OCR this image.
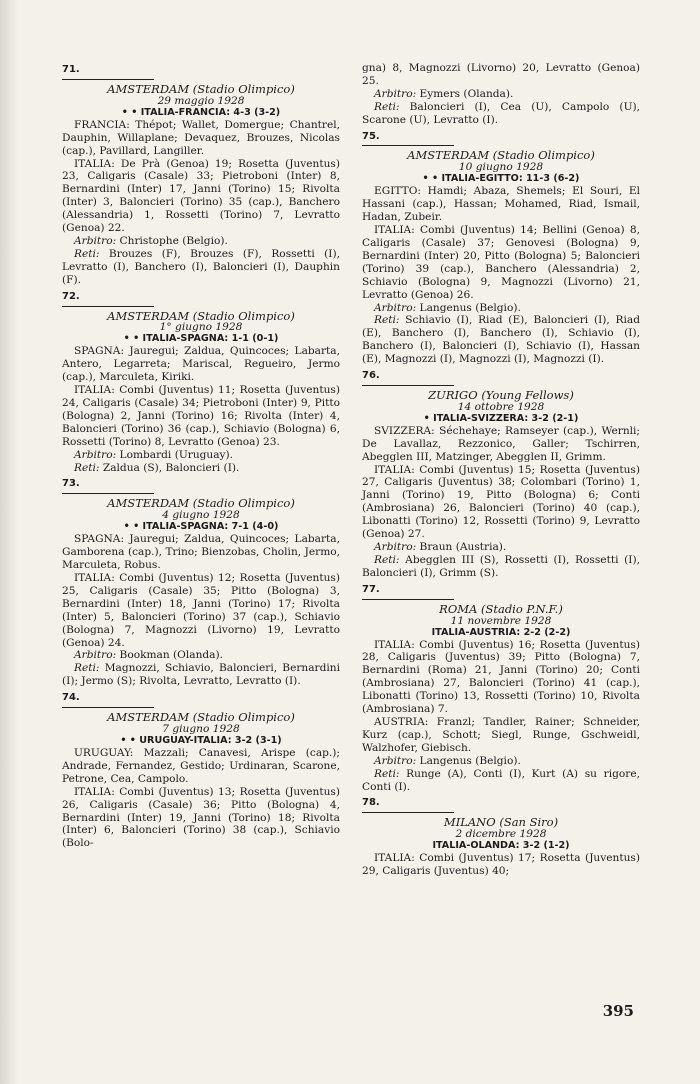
71.
AMSTERDAM (Stadio Olimpico)
29 maggio 1928
• • ITALIA-FRANCIA: 4-3 (3-2)

FRANCIA: Thépot; Wallet, Domergue; Chantrel, Dauphin, Willaplane; Devaquez, Brouzes, Nicolas (cap.), Pavillard, Langiller.

ITALIA: De Prà (Genoa) 19; Rosetta (Juventus) 23, Caligaris (Casale) 33; Pietroboni (Inter) 8, Bernardini (Inter) 17, Janni (Torino) 15; Rivolta (Inter) 3, Baloncieri (Torino) 35 (cap.), Banchero (Alessandria) 1, Rossetti (Torino) 7, Levratto (Genoa) 22.

Arbitro: Christophe (Belgio).

Reti: Brouzes (F), Brouzes (F), Rossetti (I), Levratto (I), Banchero (I), Baloncieri (I), Dauphin (F).

72.
AMSTERDAM (Stadio Olimpico)
1° giugno 1928
• • ITALIA-SPAGNA: 1-1 (0-1)

SPAGNA: Jauregui; Zaldua, Quincoces; Labarta, Antero, Legarreta; Mariscal, Regueiro, Jermo (cap.), Marculeta, Kiriki.

ITALIA: Combi (Juventus) 11; Rosetta (Juventus) 24, Caligaris (Casale) 34; Pietroboni (Inter) 9, Pitto (Bologna) 2, Janni (Torino) 16; Rivolta (Inter) 4, Baloncieri (Torino) 36 (cap.), Schiavio (Bologna) 6, Rossetti (Torino) 8, Levratto (Genoa) 23.

Arbitro: Lombardi (Uruguay).

Reti: Zaldua (S), Baloncieri (I).

73.
AMSTERDAM (Stadio Olimpico)
4 giugno 1928
• • ITALIA-SPAGNA: 7-1 (4-0)

SPAGNA: Jauregui; Zaldua, Quincoces; Labarta, Gamborena (cap.), Trino; Bienzobas, Cholin, Jermo, Marculeta, Robus.

ITALIA: Combi (Juventus) 12; Rosetta (Juventus) 25, Caligaris (Casale) 35; Pitto (Bologna) 3, Bernardini (Inter) 18, Janni (Torino) 17; Rivolta (Inter) 5, Baloncieri (Torino) 37 (cap.), Schiavio (Bologna) 7, Magnozzi (Livorno) 19, Levratto (Genoa) 24.

Arbitro: Bookman (Olanda).

Reti: Magnozzi, Schiavio, Baloncieri, Bernardini (I); Jermo (S); Rivolta, Levratto, Levratto (I).

74.
AMSTERDAM (Stadio Olimpico)
7 giugno 1928
• • URUGUAY-ITALIA: 3-2 (3-1)

URUGUAY: Mazzali; Canavesi, Arispe (cap.); Andrade, Fernandez, Gestido; Urdinaran, Scarone, Petrone, Cea, Campolo.

ITALIA: Combi (Juventus) 13; Rosetta (Juventus) 26, Caligaris (Casale) 36; Pitto (Bologna) 4, Bernardini (Inter) 19, Janni (Torino) 18; Rivolta (Inter) 6, Baloncieri (Torino) 38 (cap.), Schiavio (Bolo-

gna) 8, Magnozzi (Livorno) 20, Levratto (Genoa) 25.

Arbitro: Eymers (Olanda).

Reti: Baloncieri (I), Cea (U), Campolo (U), Scarone (U), Levratto (I).

75.
AMSTERDAM (Stadio Olimpico)
10 giugno 1928
• • ITALIA-EGITTO: 11-3 (6-2)

EGITTO: Hamdi; Abaza, Shemels; El Souri, El Hassani (cap.), Hassan; Mohamed, Riad, Ismail, Hadan, Zubeir.

ITALIA: Combi (Juventus) 14; Bellini (Genoa) 8, Caligaris (Casale) 37; Genovesi (Bologna) 9, Bernardini (Inter) 20, Pitto (Bologna) 5; Baloncieri (Torino) 39 (cap.), Banchero (Alessandria) 2, Schiavio (Bologna) 9, Magnozzi (Livorno) 21, Levratto (Genoa) 26.

Arbitro: Langenus (Belgio).

Reti: Schiavio (I), Riad (E), Baloncieri (I), Riad (E), Banchero (I), Banchero (I), Schiavio (I), Banchero (I), Baloncieri (I), Schiavio (I), Hassan (E), Magnozzi (I), Magnozzi (I), Magnozzi (I).

76.
ZURIGO (Young Fellows)
14 ottobre 1928
• ITALIA-SVIZZERA: 3-2 (2-1)

SVIZZERA: Séchehaye; Ramseyer (cap.), Wernli; De Lavallaz, Rezzonico, Galler; Tschirren, Abegglen III, Matzinger, Abegglen II, Grimm.

ITALIA: Combi (Juventus) 15; Rosetta (Juventus) 27, Caligaris (Juventus) 38; Colombari (Torino) 1, Janni (Torino) 19, Pitto (Bologna) 6; Conti (Ambrosiana) 26, Baloncieri (Torino) 40 (cap.), Libonatti (Torino) 12, Rossetti (Torino) 9, Levratto (Genoa) 27.

Arbitro: Braun (Austria).

Reti: Abegglen III (S), Rossetti (I), Rossetti (I), Baloncieri (I), Grimm (S).

77.
ROMA (Stadio P.N.F.)
11 novembre 1928
ITALIA-AUSTRIA: 2-2 (2-2)

ITALIA: Combi (Juventus) 16; Rosetta (Juventus) 28, Caligaris (Juventus) 39; Pitto (Bologna) 7, Bernardini (Roma) 21, Janni (Torino) 20; Conti (Ambrosiana) 27, Baloncieri (Torino) 41 (cap.), Libonatti (Torino) 13, Rossetti (Torino) 10, Rivolta (Ambrosiana) 7.

AUSTRIA: Franzl; Tandler, Rainer; Schneider, Kurz (cap.), Schott; Siegl, Runge, Gschweidl, Walzhofer, Giebisch.

Arbitro: Langenus (Belgio).

Reti: Runge (A), Conti (I), Kurt (A) su rigore, Conti (I).

78.
MILANO (San Siro)
2 dicembre 1928
ITALIA-OLANDA: 3-2 (1-2)

ITALIA: Combi (Juventus) 17; Rosetta (Juventus) 29, Caligaris (Juventus) 40;

395
